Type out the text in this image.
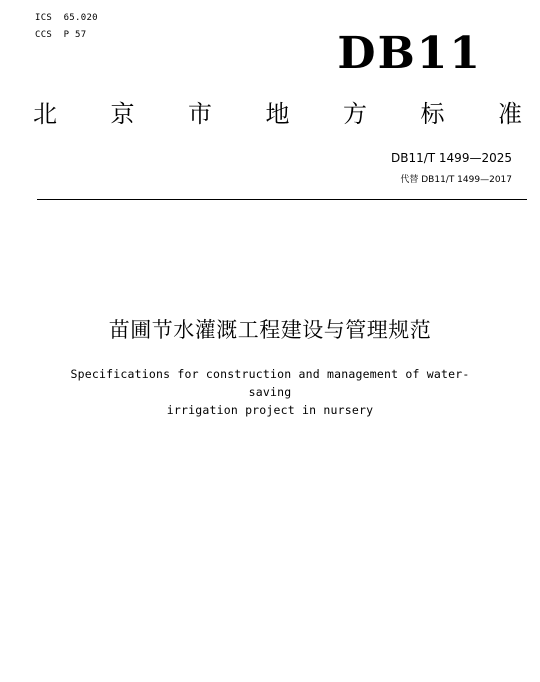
ICS  65.020
CCS  P 57	DB11
北 京 市 地 方 标 准
DB11/T 1499—2025
代替 DB11/T 1499—2017
苗圃节水灌溉工程建设与管理规范
Specifications for construction and management of water-saving
irrigation project in nursery
